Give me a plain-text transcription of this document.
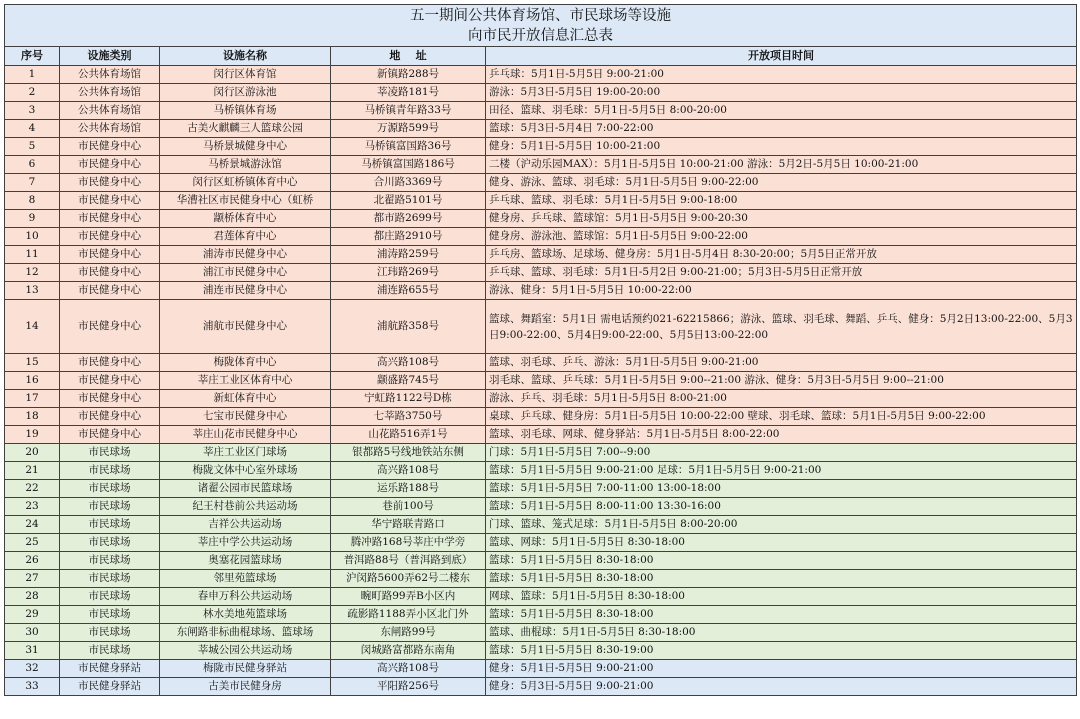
五一期间公共体育场馆、市民球场等设施
向市民开放信息汇总表				

序号	设施类别	设施名称	地    址	开放项目时间
1	公共体育场馆	闵行区体育馆	新镇路288号	乒乓球：5月1日-5月5日 9:00-21:00
2	公共体育场馆	闵行区游泳池	莘凌路181号	游泳：5月3日-5月5日 19:00-20:00
3	公共体育场馆	马桥镇体育场	马桥镇青年路33号	田径、篮球、羽毛球：5月1日-5月5日 8:00-20:00
4	公共体育场馆	古美火麒麟三人篮球公园	万源路599号	篮球：5月3日-5月4日 7:00-22:00
5	市民健身中心	马桥景城健身中心	马桥镇富国路36号	健身：5月1日-5月5日 10:00-21:00
6	市民健身中心	马桥景城游泳馆	马桥镇富国路186号	二楼（沪动乐园MAX）：5月1日-5月5日 10:00-21:00 游泳：5月2日-5月5日 10:00-21:00
7	市民健身中心	闵行区虹桥镇体育中心	合川路3369号	健身、游泳、篮球、羽毛球：5月1日-5月5日 9:00-22:00
8	市民健身中心	华漕社区市民健身中心（虹桥	北翟路5101号	乒乓球、篮球、羽毛球：5月1日-5月5日 9:00-18:00
9	市民健身中心	颛桥体育中心	都市路2699号	健身房、乒乓球、篮球馆：5月1日-5月5日 9:00-20:30
10	市民健身中心	君莲体育中心	都庄路2910号	健身房、游泳池、篮球馆：5月1日-5月5日 9:00-22:00
11	市民健身中心	浦涛市民健身中心	浦涛路259号	乒乓房、篮球场、足球场、健身房：5月1日-5月4日 8:30-20:00；5月5日正常开放
12	市民健身中心	浦江市民健身中心	江玮路269号	乒乓球、篮球、羽毛球：5月1日-5月2日 9:00-21:00；5月3日-5月5日正常开放
13	市民健身中心	浦连市民健身中心	浦连路655号	游泳、健身：5月1日-5月5日 10:00-22:00
14	市民健身中心	浦航市民健身中心	浦航路358号	篮球、舞蹈室：5月1日 需电话预约021-62215866；游泳、篮球、羽毛球、舞蹈、乒乓、健身：5月2日13:00-22:00、5月3日9:00-22:00、5月4日9:00-22:00、5月5日13:00-22:00
15	市民健身中心	梅陇体育中心	高兴路108号	篮球、羽毛球、乒乓、游泳：5月1日-5月5日 9:00-21:00
16	市民健身中心	莘庄工业区体育中心	颛盛路745号	羽毛球、篮球、乒乓球：5月1日-5月5日 9:00--21:00 游泳、健身：5月3日-5月5日 9:00--21:00
17	市民健身中心	新虹体育中心	宁虹路1122号D栋	游泳、乒乓、羽毛球：5月1日-5月5日 8:00-21:00
18	市民健身中心	七宝市民健身中心	七莘路3750号	桌球、乒乓球、健身房：5月1日-5月5日 10:00-22:00 壁球、羽毛球、篮球：5月1日-5月5日 9:00-22:00
19	市民健身中心	莘庄山花市民健身中心	山花路516弄1号	篮球、羽毛球、网球、健身驿站：5月1日-5月5日 8:00-22:00
20	市民球场	莘庄工业区门球场	银都路5号线地铁站东侧	门球：5月1日-5月5日 7:00--9:00
21	市民球场	梅陇文体中心室外球场	高兴路108号	篮球：5月1日-5月5日 9:00-21:00 足球：5月1日-5月5日 9:00-21:00
22	市民球场	诸翟公园市民篮球场	运乐路188号	篮球：5月1日-5月5日 7:00-11:00 13:00-18:00
23	市民球场	纪王村巷前公共运动场	巷前100号	篮球：5月1日-5月5日 8:00-11:00 13:30-16:00
24	市民球场	吉祥公共运动场	华宁路联青路口	门球、篮球、笼式足球：5月1日-5月5日 8:00-20:00
25	市民球场	莘庄中学公共运动场	腾冲路168号莘庄中学旁	篮球、网球：5月1日-5月5日 8:30-18:00
26	市民球场	奥塞花园篮球场	普洱路88号（普洱路到底）	篮球：5月1日-5月5日 8:30-18:00
27	市民球场	邻里苑篮球场	沪闵路5600弄62号二楼东	篮球：5月1日-5月5日 8:30-18:00
28	市民球场	春申万科公共运动场	畹町路99弄B小区内	网球、篮球：5月1日-5月5日 8:30-18:00
29	市民球场	林水美地苑篮球场	疏影路1188弄小区北门外	篮球：5月1日-5月5日 8:30-18:00
30	市民球场	东闸路非标曲棍球场、篮球场	东闸路99号	篮球、曲棍球：5月1日-5月5日 8:30-18:00
31	市民球场	莘城公园公共运动场	闵城路富都路东南角	篮球：5月1日-5月5日 8:30-19:00
32	市民健身驿站	梅陇市民健身驿站	高兴路108号	健身：5月1日-5月5日 9:00-21:00
33	市民健身驿站	古美市民健身房	平阳路256号	健身：5月3日-5月5日 9:00-21:00
